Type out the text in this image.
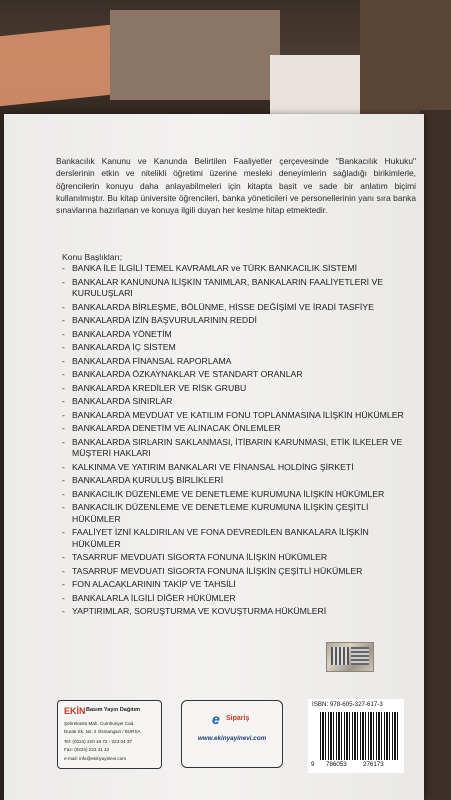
Bankacılık Kanunu ve Kanunda Belirtilen Faaliyetler çerçevesinde "Bankacılık Hukuku" derslerinin etkin ve nitelikli öğretimi üzerine mesleki deneyimlerin sağladığı birikimlerle, öğrencilerin konuyu daha anlayabilmeleri için kitapta basit ve sade bir anlatım biçimi kullanılmıştır. Bu kitap üniversite öğrencileri, banka yöneticileri ve personellerinin yanı sıra banka sınavlarına hazırlanan ve konuya ilgili duyan her kesime hitap etmektedir.

Konu Başlıkları;

- BANKA İLE İLGİLİ TEMEL KAVRAMLAR ve TÜRK BANKACILIK SİSTEMİ
- BANKALAR KANUNUNA İLİŞKİN TANIMLAR, BANKALARIN FAALİYETLERİ VE KURULUŞLARI
- BANKALARDA BİRLEŞME, BÖLÜNME, HİSSE DEĞİŞİMİ VE İRADİ TASFİYE
- BANKALARDA İZİN BAŞVURULARININ REDDİ
- BANKALARDA YÖNETİM
- BANKALARDA İÇ SİSTEM
- BANKALARDA FİNANSAL RAPORLAMA
- BANKALARDA ÖZKAYNAKLAR VE STANDART ORANLAR
- BANKALARDA KREDİLER VE RİSK GRUBU
- BANKALARDA SINIRLAR
- BANKALARDA MEVDUAT VE KATILIM FONU TOPLANMASINA İLİŞKİN HÜKÜMLER
- BANKALARDA DENETİM VE ALINACAK ÖNLEMLER
- BANKALARDA SIRLARIN SAKLANMASI, İTİBARIN KARUNMASI, ETİK İLKELER VE MÜŞTERİ HAKLARI
- KALKINMA VE YATIRIM BANKALARI VE FİNANSAL HOLDİNG ŞİRKETİ
- BANKALARDA KURULUŞ BİRLİKLERİ
- BANKACILIK DÜZENLEME VE DENETLEME KURUMUNA İLİŞKİN HÜKÜMLER
- BANKACILIK DÜZENLEME VE DENETLEME KURUMUNA İLİŞKİN ÇEŞİTLİ HÜKÜMLER
- FAALİYET İZNİ KALDIRILAN VE FONA DEVREDİLEN BANKALARA İLİŞKİN HÜKÜMLER
- TASARRUF MEVDUATI SİGORTA FONUNA İLİŞKİN HÜKÜMLER
- TASARRUF MEVDUATI SİGORTA FONUNA İLİŞKİN ÇEŞİTLİ HÜKÜMLER
- FON ALACAKLARININ TAKİP VE TAHSİLİ
- BANKALARLA İLGİLİ DİĞER HÜKÜMLER
- YAPTIRIMLAR, SORUŞTURMA VE KOVUŞTURMA HÜKÜMLERİ
EKİN Basım Yayın Dağıtım
Şehreküstü Mah. Cumhuriyet Cad.
Durak Sk. No: 2 Osmangazi / BURSA
Tel: (0224) 220 16 72 - 223 04 37
Fax: (0224) 223 41 12
e-mail: info@ekinyayinevi.com
e Sipariş
www.ekinyayinevi.com
ISBN: 978-605-327-617-3
9 786053	276173
